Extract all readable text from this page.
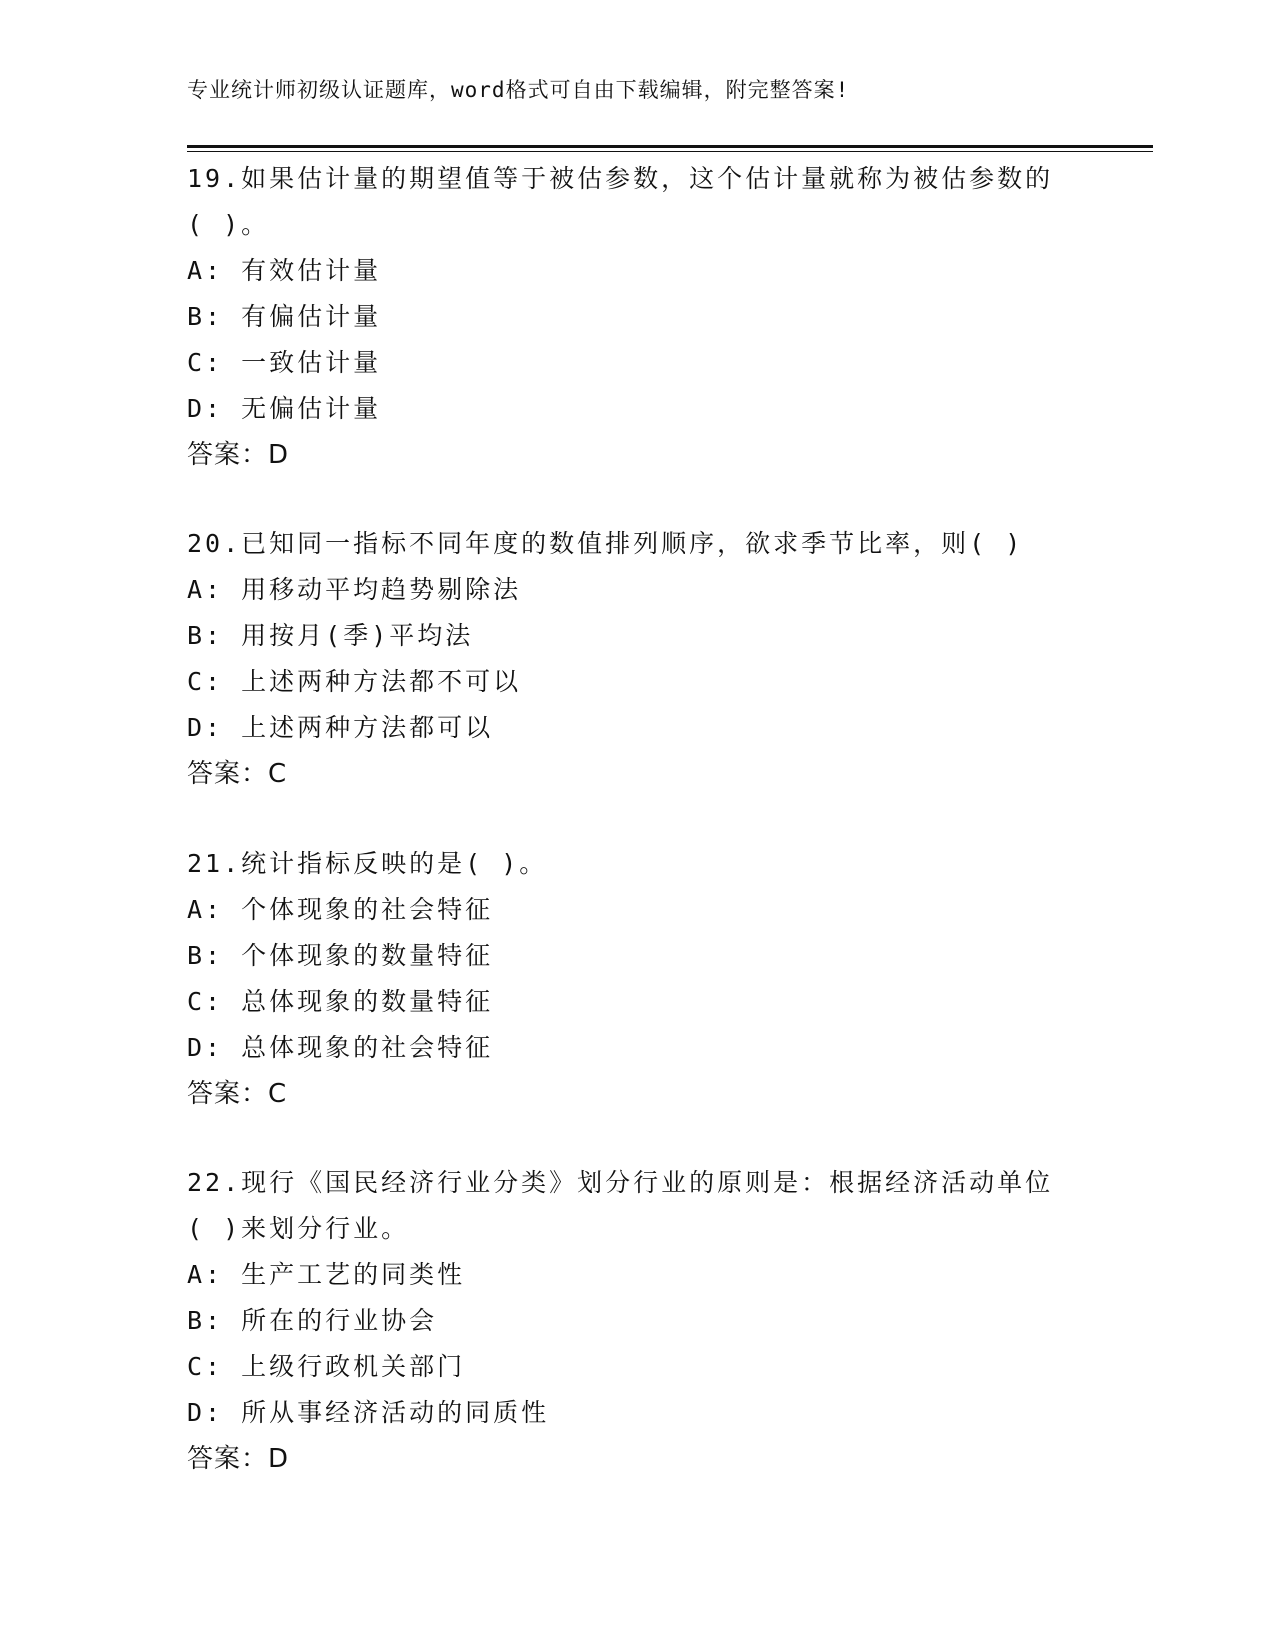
专业统计师初级认证题库，word格式可自由下载编辑，附完整答案!
19.如果估计量的期望值等于被估参数，这个估计量就称为被估参数的
( )。
A: 有效估计量
B: 有偏估计量
C: 一致估计量
D: 无偏估计量
答案：D
20.已知同一指标不同年度的数值排列顺序，欲求季节比率，则( )
A: 用移动平均趋势剔除法
B: 用按月(季)平均法
C: 上述两种方法都不可以
D: 上述两种方法都可以
答案：C
21.统计指标反映的是( )。
A: 个体现象的社会特征
B: 个体现象的数量特征
C: 总体现象的数量特征
D: 总体现象的社会特征
答案：C
22.现行《国民经济行业分类》划分行业的原则是：根据经济活动单位
( )来划分行业。
A: 生产工艺的同类性
B: 所在的行业协会
C: 上级行政机关部门
D: 所从事经济活动的同质性
答案：D
